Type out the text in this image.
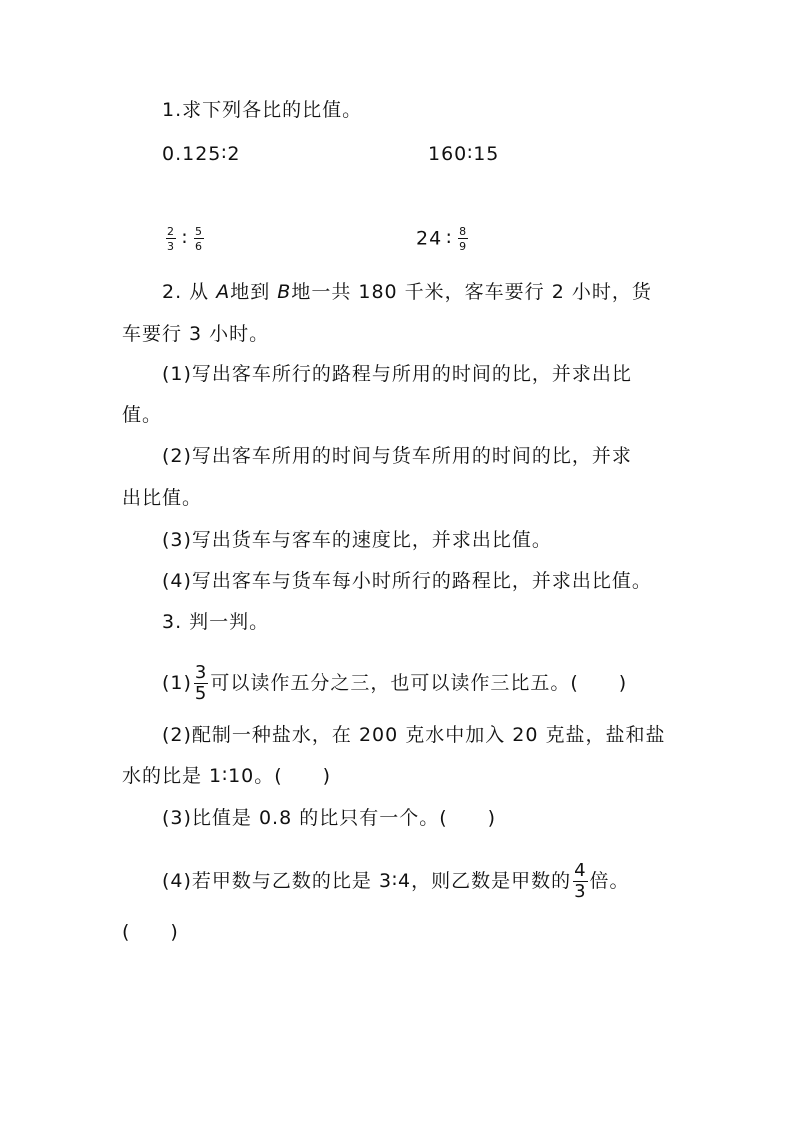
1.求下列各比的比值。
0.125∶2	160∶15
$\frac{2}{3}$ ∶ $\frac{5}{6}$	24 ∶ $\frac{8}{9}$
2. 从 A地到 B地一共 180 千米，客车要行 2 小时，货
车要行 3 小时。
(1)写出客车所行的路程与所用的时间的比，并求出比
值。
(2)写出客车所用的时间与货车所用的时间的比，并求
出比值。
(3)写出货车与客车的速度比，并求出比值。
(4)写出客车与货车每小时所行的路程比，并求出比值。
3. 判一判。
$(1) \frac{3}{5}$ 可以读作五分之三，也可以读作三比五。(　　)
(2)配制一种盐水，在 200 克水中加入 20 克盐，盐和盐
水的比是 1∶10。(　　)
(3)比值是 0.8 的比只有一个。(　　)
(4)若甲数与乙数的比是 3∶4，则乙数是甲数的 $\frac{4}{3}$ 倍。
(　　)
